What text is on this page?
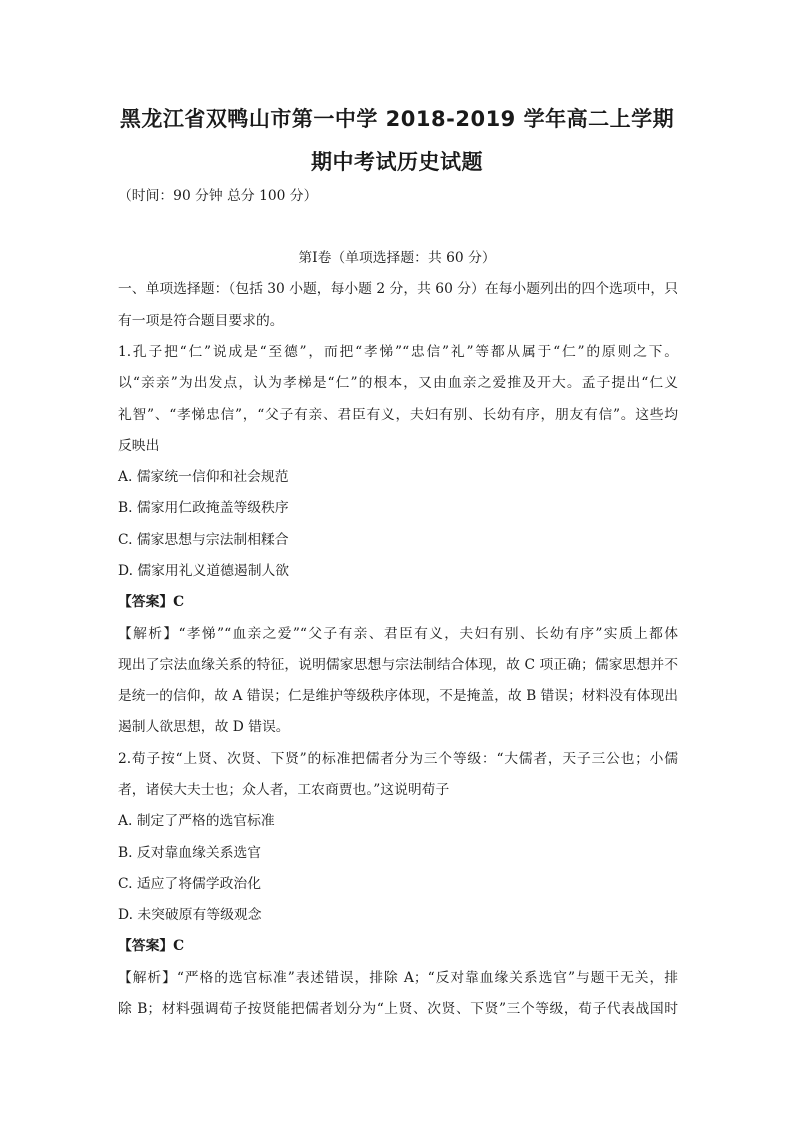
黑龙江省双鸭山市第一中学 2018-2019 学年高二上学期
期中考试历史试题
（时间：90 分钟 总分 100 分）
第Ⅰ卷（单项选择题：共 60 分）
一、单项选择题：（包括 30 小题，每小题 2 分，共 60 分）在每小题列出的四个选项中，只
有一项是符合题目要求的。
1.孔子把“仁”说成是“至德”，而把“孝悌”“忠信”礼”等都从属于“仁”的原则之下。
以“亲亲”为出发点，认为孝梯是“仁”的根本，又由血亲之爱推及开大。孟子提出“仁义
礼智”、“孝悌忠信”，“父子有亲、君臣有义，夫妇有别、长幼有序，朋友有信”。这些均
反映出
A. 儒家统一信仰和社会规范
B. 儒家用仁政掩盖等级秩序
C. 儒家思想与宗法制相糅合
D. 儒家用礼义道德遏制人欲
【答案】C
【解析】“孝悌”“血亲之爱”“父子有亲、君臣有义，夫妇有别、长幼有序”实质上都体
现出了宗法血缘关系的特征，说明儒家思想与宗法制结合体现，故 C 项正确；儒家思想并不
是统一的信仰，故 A 错误；仁是维护等级秩序体现，不是掩盖，故 B 错误；材料没有体现出
遏制人欲思想，故 D 错误。
2.荀子按“上贤、次贤、下贤”的标准把儒者分为三个等级：“大儒者，天子三公也；小儒
者，诸侯大夫士也；众人者，工农商贾也。”这说明荀子
A. 制定了严格的选官标准
B. 反对靠血缘关系选官
C. 适应了将儒学政治化
D. 未突破原有等级观念
【答案】C
【解析】“严格的选官标准”表述错误，排除 A；“反对靠血缘关系选官”与题干无关，排
除 B；材料强调荀子按贤能把儒者划分为“上贤、次贤、下贤”三个等级，荀子代表战国时
